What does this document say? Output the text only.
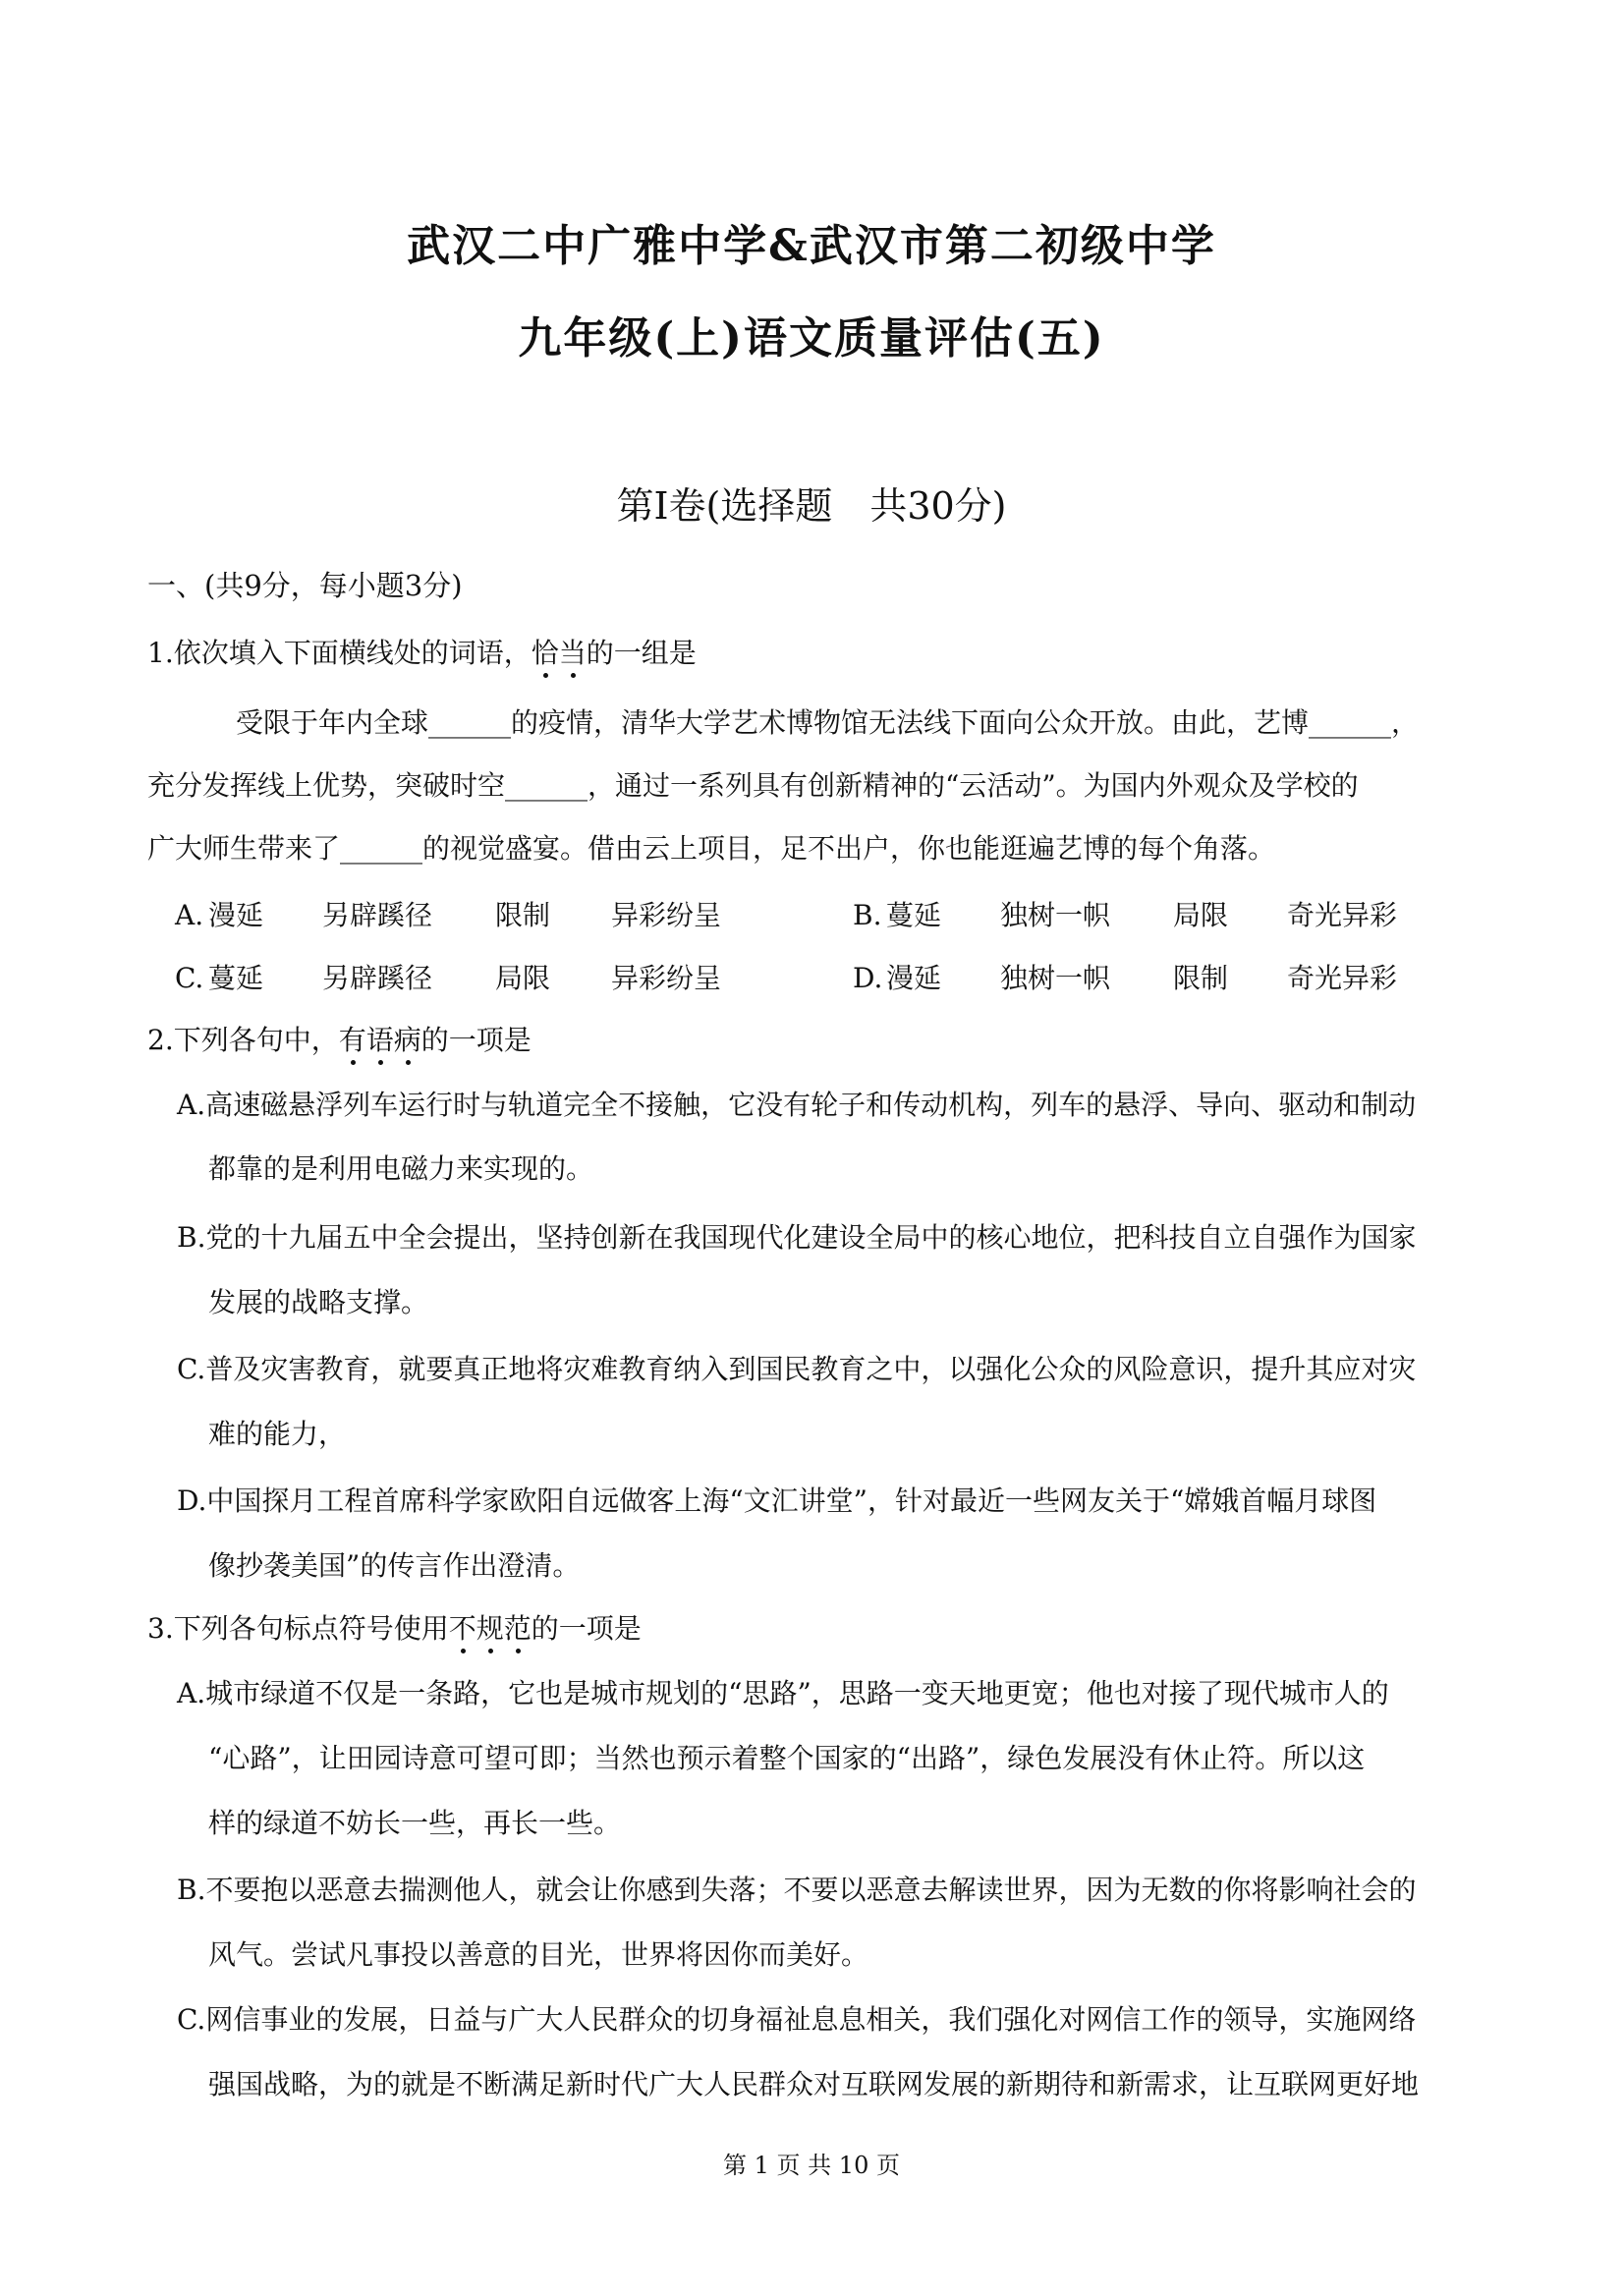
武汉二中广雅中学&武汉市第二初级中学
九年级(上)语文质量评估(五)
第Ⅰ卷(选择题　共30分)
一、(共9分，每小题3分)
1.依次填入下面横线处的词语，恰当的一组是
受限于年内全球______的疫情，清华大学艺术博物馆无法线下面向公众开放。由此，艺博______，
充分发挥线上优势，突破时空______，通过一系列具有创新精神的“云活动”。为国内外观众及学校的
广大师生带来了______的视觉盛宴。借由云上项目，足不出户，你也能逛遍艺博的每个角落。
A. 漫延 另辟蹊径 限制 异彩纷呈	B. 蔓延 独树一帜 局限 奇光异彩
C. 蔓延 另辟蹊径 局限 异彩纷呈	D. 漫延 独树一帜 限制 奇光异彩
2.下列各句中，有语病的一项是
A.高速磁悬浮列车运行时与轨道完全不接触，它没有轮子和传动机构，列车的悬浮、导向、驱动和制动
都靠的是利用电磁力来实现的。
B.党的十九届五中全会提出，坚持创新在我国现代化建设全局中的核心地位，把科技自立自强作为国家
发展的战略支撑。
C.普及灾害教育，就要真正地将灾难教育纳入到国民教育之中，以强化公众的风险意识，提升其应对灾
难的能力，
D.中国探月工程首席科学家欧阳自远做客上海“文汇讲堂”，针对最近一些网友关于“嫦娥首幅月球图
像抄袭美国”的传言作出澄清。
3.下列各句标点符号使用不规范的一项是
A.城市绿道不仅是一条路，它也是城市规划的“思路”，思路一变天地更宽；他也对接了现代城市人的
“心路”，让田园诗意可望可即；当然也预示着整个国家的“出路”，绿色发展没有休止符。所以这
样的绿道不妨长一些，再长一些。
B.不要抱以恶意去揣测他人，就会让你感到失落；不要以恶意去解读世界，因为无数的你将影响社会的
风气。尝试凡事投以善意的目光，世界将因你而美好。
C.网信事业的发展，日益与广大人民群众的切身福祉息息相关，我们强化对网信工作的领导，实施网络
强国战略，为的就是不断满足新时代广大人民群众对互联网发展的新期待和新需求，让互联网更好地
第 1 页 共 10 页
